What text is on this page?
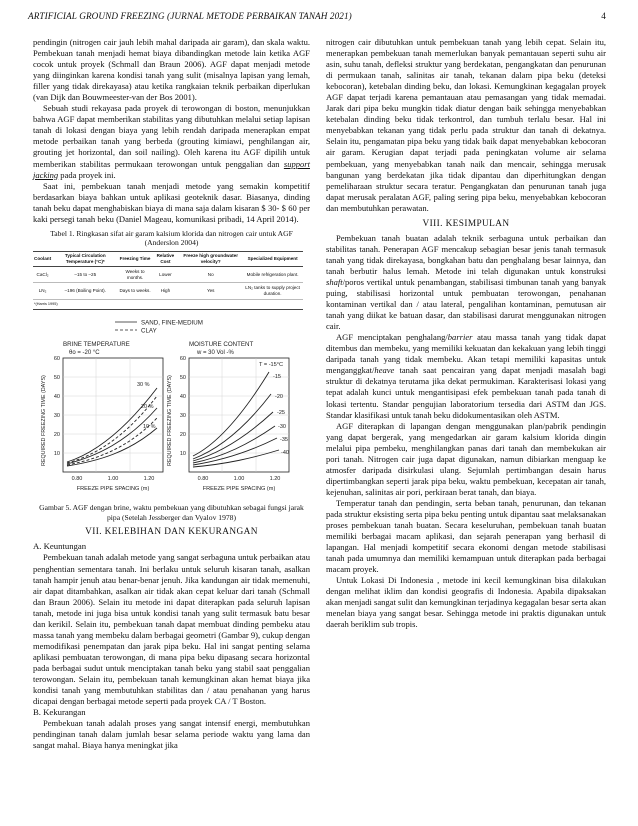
ARTIFICIAL GROUND FREEZING (JURNAL METODE PERBAIKAN TANAH 2021)	4

pendingin (nitrogen cair jauh lebih mahal daripada air garam), dan skala waktu. Pembekuan tanah menjadi hemat biaya dibandingkan metode lain ketika AGF cocok untuk proyek (Schmall dan Braun 2006). AGF dapat menjadi metode yang diinginkan karena kondisi tanah yang sulit (misalnya lapisan yang lemah, filler yang tidak direkayasa) atau ketika rangkaian teknik perbaikan diperlukan (van Dijk dan Bouwmeester-van der Bos 2001).

Sebuah studi rekayasa pada proyek di terowongan di boston, menunjukkan bahwa AGF dapat memberikan stabilitas yang dibutuhkan melalui setiap lapisan tanah di lokasi dengan biaya yang lebih rendah daripada menerapkan empat metode perbaikan tanah yang berbeda (grouting kimiawi, penghilangan air, grouting jet horizontal, dan soil nailing). Oleh karena itu AGF dipilih untuk memberikan stabilitas permukaan terowongan untuk penggalian dan support jacking pada proyek ini.

Saat ini, pembekuan tanah menjadi metode yang semakin kompetitif berdasarkan biaya bahkan untuk aplikasi geoteknik dasar. Biasanya, dinding tanah beku dapat menghabiskan biaya di mana saja dalam kisaran $ 30- $ 60 per kaki persegi tanah beku (Daniel Mageau, komunikasi pribadi, 14 April 2014).

Tabel 1. Ringkasan sifat air garam kalsium klorida dan nitrogen cair untuk AGF (Anderslon 2004)
Coolant	Typical Circulation Temperature (°C)*	Freezing Time	Relative Cost	Freeze high groundwater velocity?	Specialized Equipment
CaCl₂	–15 to –25	Weeks to months.	Lower	No	Mobile refrigeration plant.
LN₂	–196 (Boiling Point).	Days to weeks.	High	Yes	LN₂ tanks to supply project duration.
*(Harris 1995)					
SAND, FINE-MEDIUM
CLAY
BRINE TEMPERATURE
θo = -20 °C
30 %
20 %
10 %
MOISTURE CONTENT
w = 30 Vol -%
T = -15°C
-15
-20
-25
-30
-35
-40
60
50
40
30
20
10
60
50
40
30
20
10
0.80	1.00	1.20	0.80	1.00	1.20
REQUIRED FREEZING TIME (DAYS)	REQUIRED FREEZING TIME (DAYS)
FREEZE PIPE SPACING (m)	FREEZE PIPE SPACING (m)
Gambar 5. AGF dengan brine, waktu pembekuan yang dibutuhkan sebagai fungsi jarak pipa (Setelah Jessberger dan Vyalov 1978)
VII. KELEBIHAN DAN KEKURANGAN

A. Keuntungan

Pembekuan tanah adalah metode yang sangat serbaguna untuk perbaikan atau penghentian sementara tanah. Ini berlaku untuk seluruh kisaran tanah, asalkan tanah hampir jenuh atau benar-benar jenuh. Jika kandungan air tidak memenuhi, air dapat ditambahkan, asalkan air tidak akan cepat keluar dari tanah (Schmall dan Braun 2006). Selain itu metode ini dapat diterapkan pada seluruh lapisan tanah, metode ini juga bisa untuk kondisi tanah yang sulit termasuk batu besar dan kerikil. Selain itu, pembekuan tanah dapat membuat dinding pembeku atau massa tanah yang membeku dalam berbagai geometri (Gambar 9), cukup dengan memodifikasi penempatan dan jarak pipa beku. Hal ini sangat penting selama aplikasi pembuatan terowongan, di mana pipa beku dipasang secara horizontal pada berbagai sudut untuk menciptakan tanah beku yang stabil saat penggalian terowongan. Selain itu, pembekuan tanah kemungkinan akan hemat biaya jika kondisi tanah yang membutuhkan stabilitas dan / atau penahanan yang harus dicapai dengan berbagai metode seperti pada proyek CA / T Boston.

B. Kekurangan

Pembekuan tanah adalah proses yang sangat intensif energi, membutuhkan pendinginan tanah dalam jumlah besar selama periode waktu yang lama dan sangat mahal. Biaya hanya meningkat jika

nitrogen cair dibutuhkan untuk pembekuan tanah yang lebih cepat. Selain itu, menerapkan pembekuan tanah memerlukan banyak pemantauan seperti suhu air asin, suhu tanah, defleksi struktur yang berdekatan, pengangkatan dan penurunan di permukaan tanah, salinitas air tanah, tekanan dalam pipa beku (deteksi kebocoran), ketebalan dinding beku, dan lokasi. Kemungkinan kegagalan proyek AGF dapat terjadi karena pemantauan atau pemasangan yang tidak memadai. Jarak dari pipa beku mungkin tidak diatur dengan baik sehingga menyebabkan ketebalan dinding beku tidak terkontrol, dan tumbuh terlalu besar. Hal ini menyebabkan tekanan yang tidak perlu pada struktur dan tanah di dekatnya. Selain itu, pengamatan pipa beku yang tidak baik dapat menyebabkan kebocoran air garam. Kerugian dapat terjadi pada peningkatan volume air selama pembekuan, yang menyebabkan tanah naik dan mencair, sehingga merusak bangunan yang berdekatan jika tidak dipantau dan diperhitungkan dengan pemeliharaan struktur secara teratur. Pengangkatan dan penurunan tanah juga dapat merusak peralatan AGF, paling sering pipa beku, menyebabkan kebocoran dan membutuhkan perawatan.

VIII. KESIMPULAN

Pembekuan tanah buatan adalah teknik serbaguna untuk perbaikan dan stabilitas tanah. Penerapan AGF mencakup sebagian besar jenis tanah termasuk tanah yang tidak direkayasa, bongkahan batu dan penghalang besar lainnya, dan tanah berbutir halus lemah. Metode ini telah digunakan untuk konstruksi shaft/poros vertikal untuk penambangan, stabilisasi timbunan tanah yang banyak puing, stabilisasi horizontal untuk pembuatan terowongan, penahanan kontaminan vertikal dan / atau lateral, pengalihan kontaminan, pemutusan air tanah yang diikat ke batuan dasar, dan stabilisasi darurat menggunakan nitrogen cair.

AGF menciptakan penghalang/barrier atau massa tanah yang tidak dapat ditembus dan membeku, yang memiliki kekuatan dan kekakuan yang lebih tinggi daripada tanah yang tidak membeku. Akan tetapi memiliki kapasitas untuk menganggkat/heave tanah saat pencairan yang dapat menjadi masalah bagi struktur di dekatnya terutama jika dekat permukiman. Karakterisasi lokasi yang tepat adalah kunci untuk mengantisipasi efek pembekuan tanah pada tanah di lokasi tertentu. Standar pengujian laboratorium tersedia dari ASTM dan JGS. Standar klasifikasi untuk tanah beku didokumentasikan oleh ASTM.

AGF diterapkan di lapangan dengan menggunakan plan/pabrik pendingin yang dapat bergerak, yang mengedarkan air garam kalsium klorida dingin melalui pipa pembeku, menghilangkan panas dari tanah dan membekukan air pori tanah. Nitrogen cair juga dapat digunakan, namun dibiarkan menguap ke atmosfer daripada disirkulasi ulang. Sejumlah pertimbangan desain harus dipertimbangkan seperti jarak pipa beku, waktu pembekuan, kecepatan air tanah, kejenuhan, salinitas air pori, perkiraan berat tanah, dan biaya.

Temperatur tanah dan pendingin, serta beban tanah, penurunan, dan tekanan pada struktur eksisting serta pipa beku penting untuk dipantau saat melaksanakan proses pembekuan tanah buatan. Secara keseluruhan, pembekuan tanah buatan memiliki berbagai macam aplikasi, dan sejarah penerapan yang berhasil di lapangan. Hal menjadi kompetitif secara ekonomi dengan metode stabilisasi tanah pada umumnya dan memiliki kemampuan untuk diterapkan pada berbagai macam proyek.

Untuk Lokasi Di Indonesia , metode ini kecil kemungkinan bisa dilakukan dengan melihat iklim dan kondisi geografis di Indonesia. Apabila dipaksakan akan menjadi sangat sulit dan kemungkinan terjadinya kegagalan besar serta akan menelan biaya yang sangat besar. Sehingga metode ini praktis digunakan untuk daerah beriklim sub tropis.
